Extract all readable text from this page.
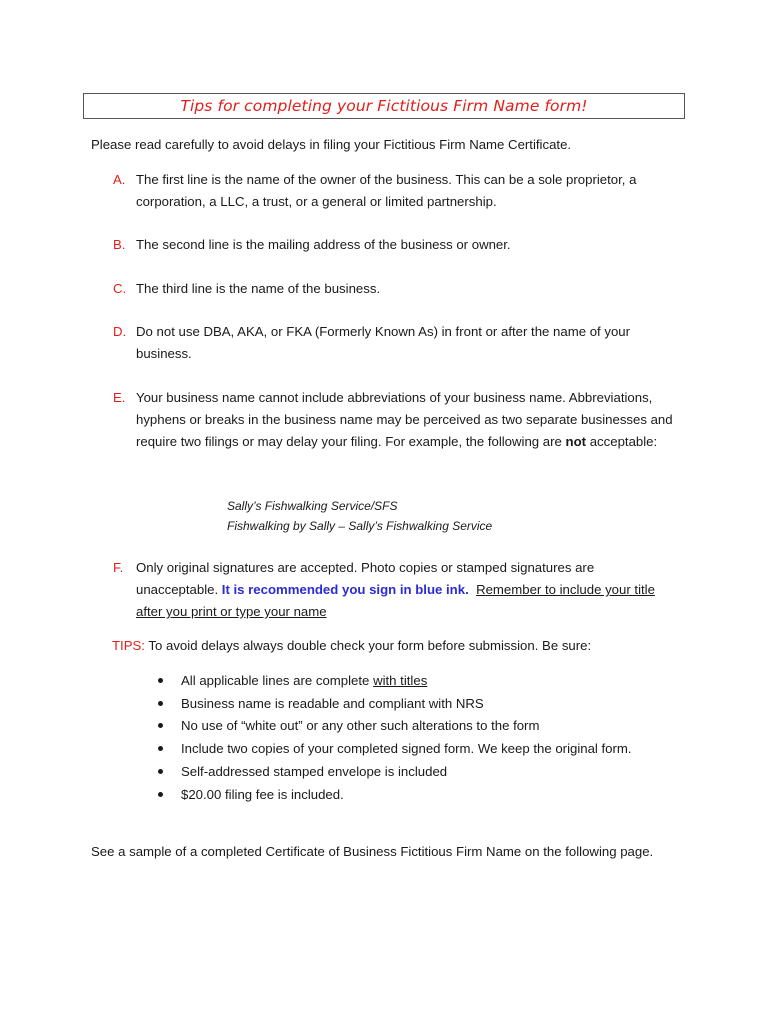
Tips for completing your Fictitious Firm Name form!
Please read carefully to avoid delays in filing your Fictitious Firm Name Certificate.
A. The first line is the name of the owner of the business. This can be a sole proprietor, a corporation, a LLC, a trust, or a general or limited partnership.
B. The second line is the mailing address of the business or owner.
C. The third line is the name of the business.
D. Do not use DBA, AKA, or FKA (Formerly Known As) in front or after the name of your business.
E. Your business name cannot include abbreviations of your business name. Abbreviations, hyphens or breaks in the business name may be perceived as two separate businesses and require two filings or may delay your filing. For example, the following are not acceptable:
Sally’s Fishwalking Service/SFS
Fishwalking by Sally – Sally’s Fishwalking Service
F. Only original signatures are accepted. Photo copies or stamped signatures are unacceptable. It is recommended you sign in blue ink. Remember to include your title after you print or type your name
TIPS: To avoid delays always double check your form before submission. Be sure:
All applicable lines are complete with titles
Business name is readable and compliant with NRS
No use of “white out” or any other such alterations to the form
Include two copies of your completed signed form. We keep the original form.
Self-addressed stamped envelope is included
$20.00 filing fee is included.
See a sample of a completed Certificate of Business Fictitious Firm Name on the following page.
